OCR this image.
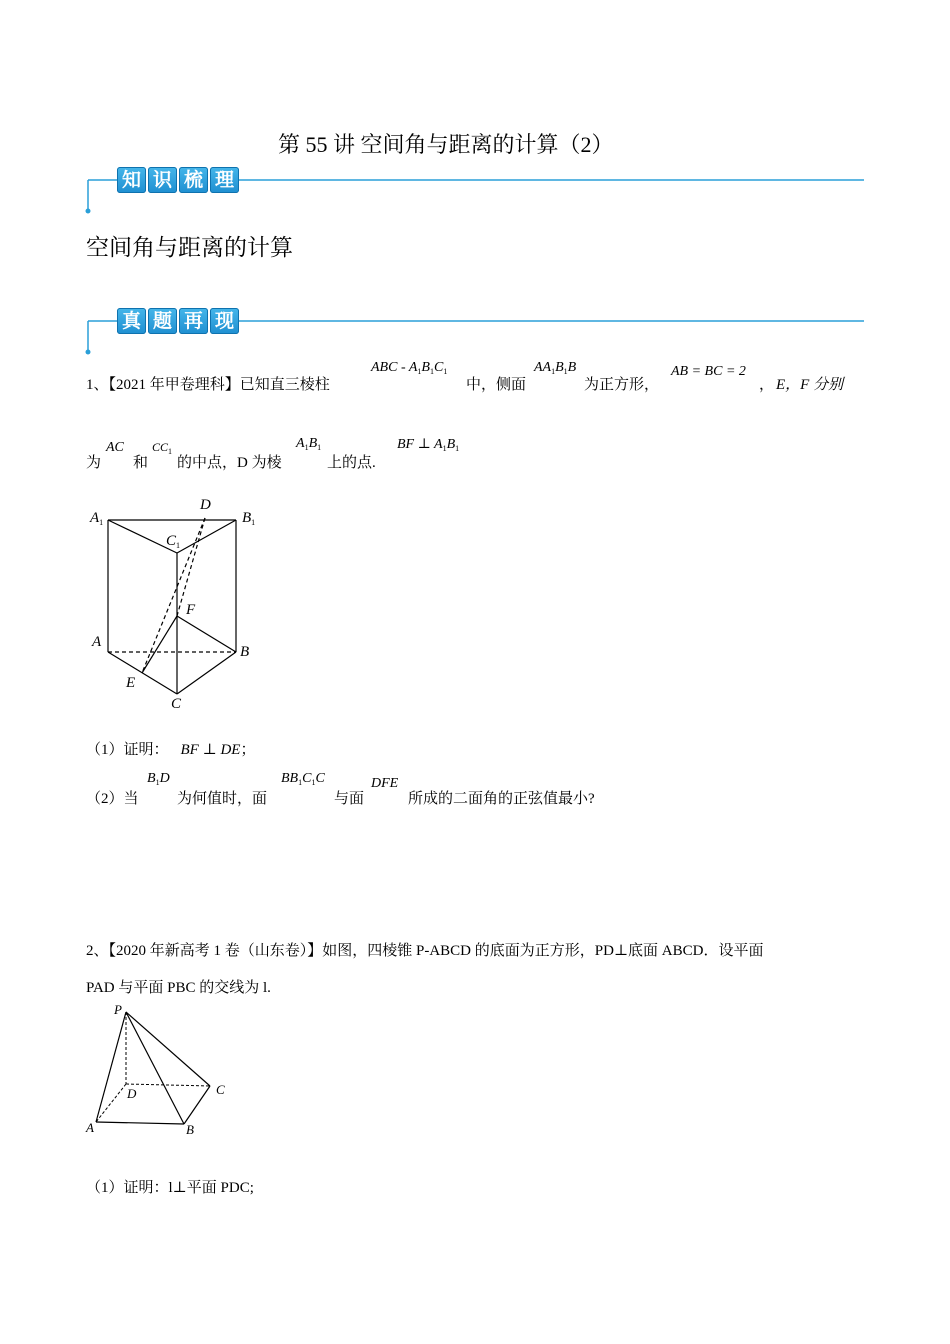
第 55 讲 空间角与距离的计算（2）
知 识 梳 理
空间角与距离的计算
真 题 再 现
1、【2021 年甲卷理科】已知直三棱柱
ABC - $A_1B_1C_1$
中，侧面
$AA_1B_1B$
为正方形，
AB = BC = 2
， E，F 分别
为
AC
和
$CC_1$
的中点，D 为棱
$A_1B_1$
上的点.
BF ⊥ $A_1B_1$
$A_1$
D
$B_1$
$C_1$
F
A
B
E
C
（1）证明： BF ⊥ DE；
（2）当
$B_1D$
为何值时，面
$BB_1C_1C$
与面
DFE
所成的二面角的正弦值最小?
2、【2020 年新高考 1 卷（山东卷）】如图，四棱锥 P-ABCD 的底面为正方形，PD⊥底面 ABCD．设平面
PAD 与平面 PBC 的交线为 l.
P
D	C
A	B
（1）证明：l⊥平面 PDC;
